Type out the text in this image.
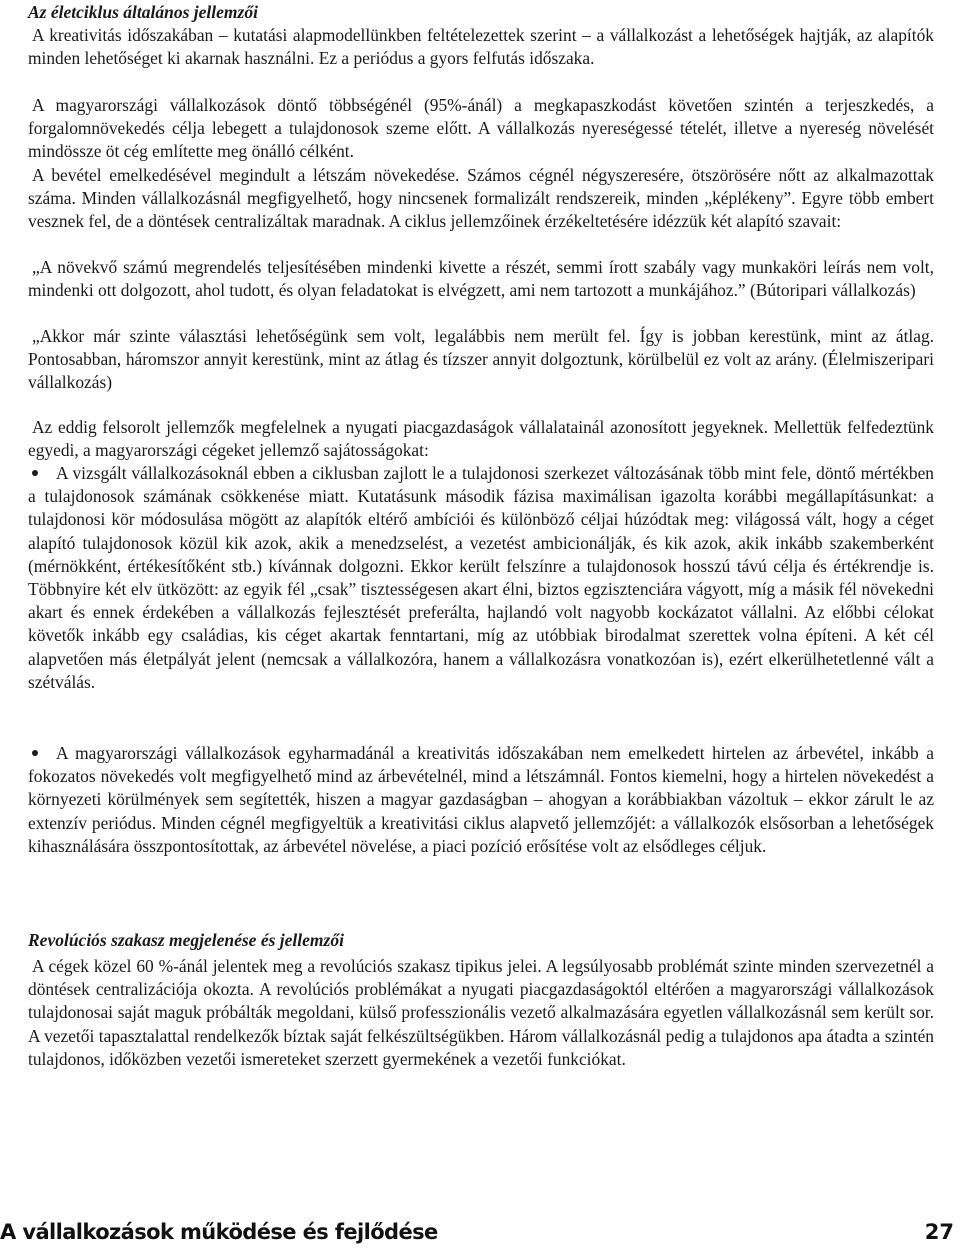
Az életciklus általános jellemzői

A kreativitás időszakában – kutatási alapmodellünkben feltételezettek szerint – a vállalkozást a lehetőségek hajtják, az alapítók minden lehetőséget ki akarnak használni. Ez a periódus a gyors felfutás időszaka.

A magyarországi vállalkozások döntő többségénél (95%-ánál) a megkapaszkodást követően szintén a terjeszkedés, a forgalomnövekedés célja lebegett a tulajdonosok szeme előtt. A vállalkozás nyereségessé tételét, illetve a nyereség növelését mindössze öt cég említette meg önálló célként.

A bevétel emelkedésével megindult a létszám növekedése. Számos cégnél négyszeresére, ötszörösére nőtt az alkalmazottak száma. Minden vállalkozásnál megfigyelhető, hogy nincsenek formalizált rendszereik, minden „képlékeny”. Egyre több embert vesznek fel, de a döntések centralizáltak maradnak. A ciklus jellemzőinek érzékeltetésére idézzük két alapító szavait:

„A növekvő számú megrendelés teljesítésében mindenki kivette a részét, semmi írott szabály vagy munkaköri leírás nem volt, mindenki ott dolgozott, ahol tudott, és olyan feladatokat is elvégzett, ami nem tartozott a munkájához.” (Bútoripari vállalkozás)

„Akkor már szinte választási lehetőségünk sem volt, legalábbis nem merült fel. Így is jobban kerestünk, mint az átlag. Pontosabban, háromszor annyit kerestünk, mint az átlag és tízszer annyit dolgoztunk, körülbelül ez volt az arány. (Élelmiszeripari vállalkozás)

Az eddig felsorolt jellemzők megfelelnek a nyugati piacgazdaságok vállalatainál azonosított jegyeknek. Mellettük felfedeztünk egyedi, a magyarországi cégeket jellemző sajátosságokat:

A vizsgált vállalkozásoknál ebben a ciklusban zajlott le a tulajdonosi szerkezet változásának több mint fele, döntő mértékben a tulajdonosok számának csökkenése miatt. Kutatásunk második fázisa maximálisan igazolta korábbi megállapításunkat: a tulajdonosi kör módosulása mögött az alapítók eltérő ambíciói és különböző céljai húzódtak meg: világossá vált, hogy a céget alapító tulajdonosok közül kik azok, akik a menedzselést, a vezetést ambicionálják, és kik azok, akik inkább szakemberként (mérnökként, értékesítőként stb.) kívánnak dolgozni. Ekkor került felszínre a tulajdonosok hosszú távú célja és értékrendje is. Többnyire két elv ütközött: az egyik fél „csak” tisztességesen akart élni, biztos egzisztenciára vágyott, míg a másik fél növekedni akart és ennek érdekében a vállalkozás fejlesztését preferálta, hajlandó volt nagyobb kockázatot vállalni. Az előbbi célokat követők inkább egy családias, kis céget akartak fenntartani, míg az utóbbiak birodalmat szerettek volna építeni. A két cél alapvetően más életpályát jelent (nemcsak a vállalkozóra, hanem a vállalkozásra vonatkozóan is), ezért elkerülhetetlenné vált a szétválás.

A magyarországi vállalkozások egyharmadánál a kreativitás időszakában nem emelkedett hirtelen az árbevétel, inkább a fokozatos növekedés volt megfigyelhető mind az árbevételnél, mind a létszámnál. Fontos kiemelni, hogy a hirtelen növekedést a környezeti körülmények sem segítették, hiszen a magyar gazdaságban – ahogyan a korábbiakban vázoltuk – ekkor zárult le az extenzív periódus. Minden cégnél megfigyeltük a kreativitási ciklus alapvető jellemzőjét: a vállalkozók elsősorban a lehetőségek kihasználására összpontosítottak, az árbevétel növelése, a piaci pozíció erősítése volt az elsődleges céljuk.

Revolúciós szakasz megjelenése és jellemzői

A cégek közel 60 %-ánál jelentek meg a revolúciós szakasz tipikus jelei. A legsúlyosabb problémát szinte minden szervezetnél a döntések centralizációja okozta. A revolúciós problémákat a nyugati piacgazdaságoktól eltérően a magyarországi vállalkozások tulajdonosai saját maguk próbálták megoldani, külső professzionális vezető alkalmazására egyetlen vállalkozásnál sem került sor. A vezetői tapasztalattal rendelkezők bíztak saját felkészültségükben. Három vállalkozásnál pedig a tulajdonos apa átadta a szintén tulajdonos, időközben vezetői ismereteket szerzett gyermekének a vezetői funkciókat.

A vállalkozások működése és fejlődése	27
